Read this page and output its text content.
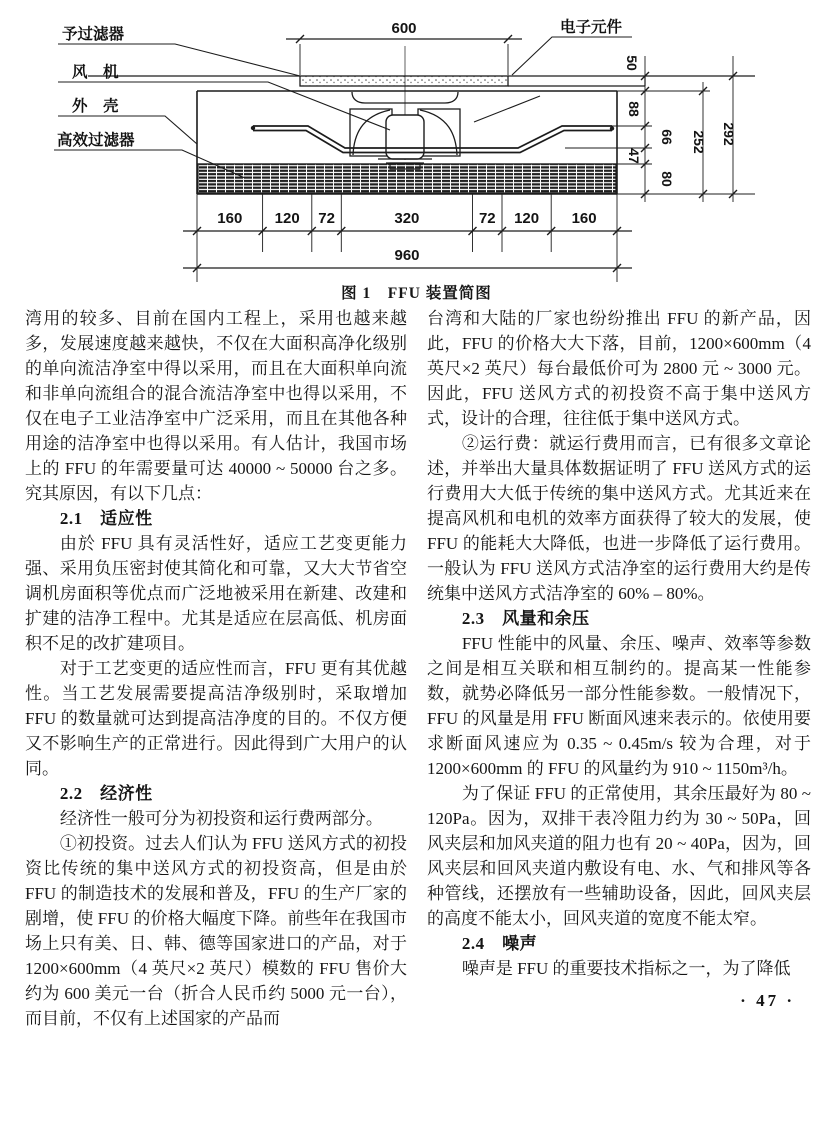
予过滤器
风　机
外　壳
高效过滤器
电子元件
600
50
88
66
47
80
252 292
160 120 72	320	72 120 160
960
图 1　FFU 装置简图
湾用的较多、目前在国内工程上，采用也越来越多，发展速度越来越快，不仅在大面积高净化级别的单向流洁净室中得以采用，而且在大面积单向流和非单向流组合的混合流洁净室中也得以采用，不仅在电子工业洁净室中广泛采用，而且在其他各种用途的洁净室中也得以采用。有人估计，我国市场上的 FFU 的年需要量可达 40000 ~ 50000 台之多。究其原因，有以下几点：
2.1　适应性
由於 FFU 具有灵活性好，适应工艺变更能力强、采用负压密封使其简化和可靠，又大大节省空调机房面积等优点而广泛地被采用在新建、改建和扩建的洁净工程中。尤其是适应在层高低、机房面积不足的改扩建项目。
对于工艺变更的适应性而言，FFU 更有其优越性。当工艺发展需要提高洁净级别时，采取增加 FFU 的数量就可达到提高洁净度的目的。不仅方便又不影响生产的正常进行。因此得到广大用户的认同。
2.2　经济性
经济性一般可分为初投资和运行费两部分。
①初投资。过去人们认为 FFU 送风方式的初投资比传统的集中送风方式的初投资高，但是由於 FFU 的制造技术的发展和普及，FFU 的生产厂家的剧增，使 FFU 的价格大幅度下降。前些年在我国市场上只有美、日、韩、德等国家进口的产品，对于 1200×600mm（4 英尺×2 英尺）模数的 FFU 售价大约为 600 美元一台（折合人民币约 5000 元一台），而目前，不仅有上述国家的产品而
台湾和大陆的厂家也纷纷推出 FFU 的新产品，因此，FFU 的价格大大下落，目前，1200×600mm（4 英尺×2 英尺）每台最低价可为 2800 元 ~ 3000 元。因此，FFU 送风方式的初投资不高于集中送风方式，设计的合理，往往低于集中送风方式。
②运行费：就运行费用而言，已有很多文章论述，并举出大量具体数据证明了 FFU 送风方式的运行费用大大低于传统的集中送风方式。尤其近来在提高风机和电机的效率方面获得了较大的发展，使 FFU 的能耗大大降低，也进一步降低了运行费用。一般认为 FFU 送风方式洁净室的运行费用大约是传统集中送风方式洁净室的 60% – 80%。
2.3　风量和余压
FFU 性能中的风量、余压、噪声、效率等参数之间是相互关联和相互制约的。提高某一性能参数，就势必降低另一部分性能参数。一般情况下，FFU 的风量是用 FFU 断面风速来表示的。依使用要求断面风速应为 0.35 ~ 0.45m/s 较为合理，对于 1200×600mm 的 FFU 的风量约为 910 ~ 1150m³/h。
为了保证 FFU 的正常使用，其余压最好为 80 ~ 120Pa。因为，双排干表冷阻力约为 30 ~ 50Pa，回风夹层和加风夹道的阻力也有 20 ~ 40Pa，因为，回风夹层和回风夹道内敷设有电、水、气和排风等各种管线，还摆放有一些辅助设备，因此，回风夹层的高度不能太小，回风夹道的宽度不能太窄。
2.4　噪声
噪声是 FFU 的重要技术指标之一，为了降低
· 47 ·
